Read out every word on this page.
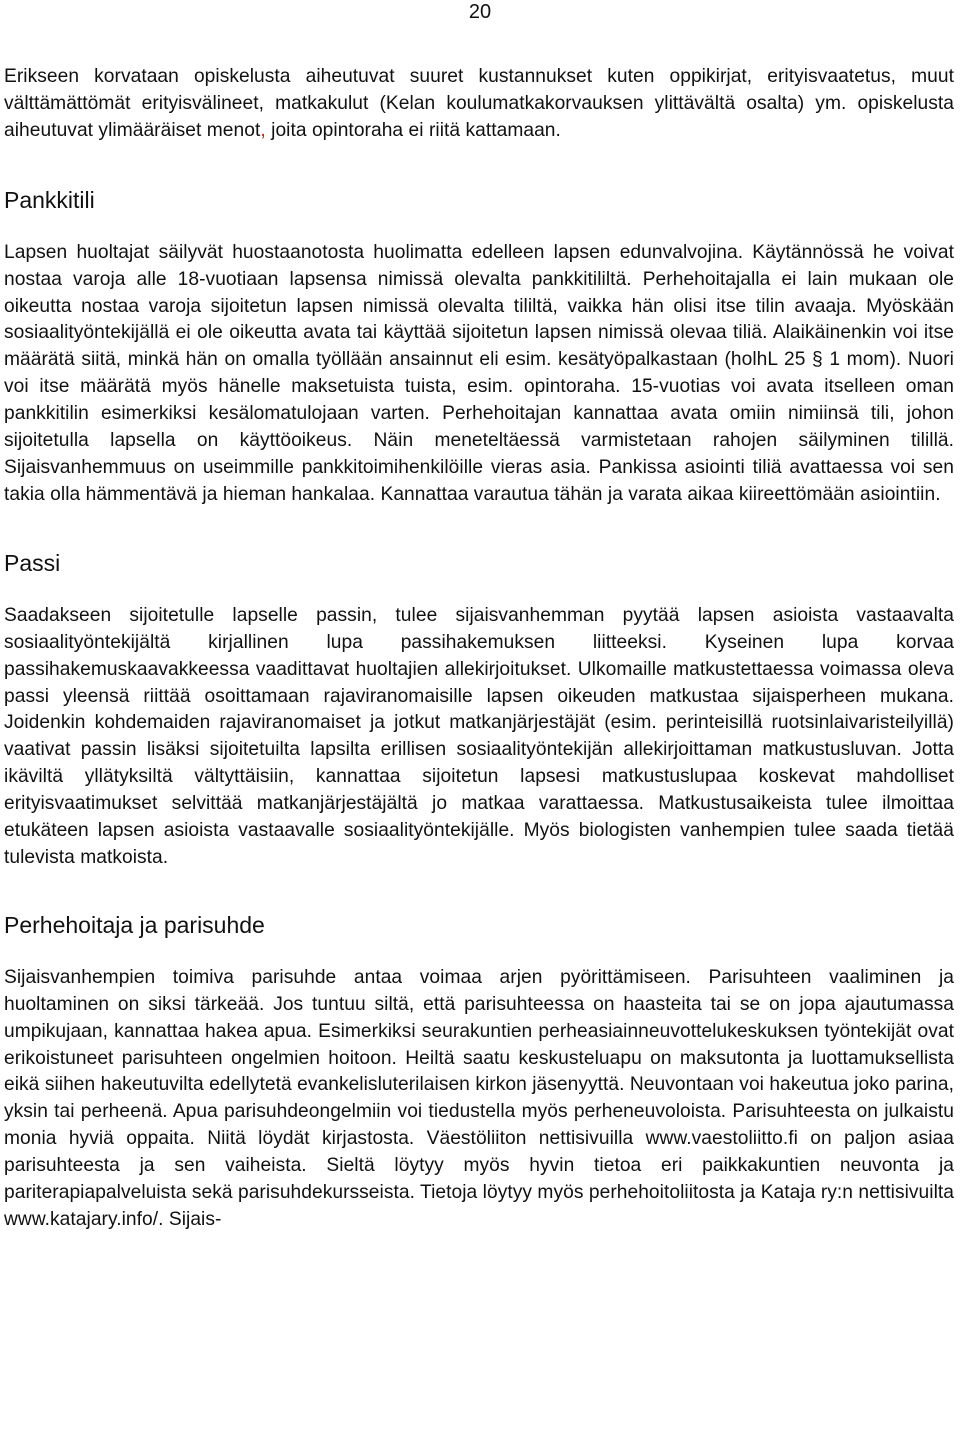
20

Erikseen korvataan opiskelusta aiheutuvat suuret kustannukset kuten oppikirjat, erityisvaatetus, muut välttämättömät erityisvälineet, matkakulut (Kelan koulumatkakorvauksen ylittävältä osalta) ym. opiskelusta aiheutuvat ylimääräiset menot, joita opintoraha ei riitä kattamaan.

Pankkitili

Lapsen huoltajat säilyvät huostaanotosta huolimatta edelleen lapsen edunvalvojina. Käytännössä he voivat nostaa varoja alle 18-vuotiaan lapsensa nimissä olevalta pankkitililtä. Perhehoitajalla ei lain mukaan ole oikeutta nostaa varoja sijoitetun lapsen nimissä olevalta tililtä, vaikka hän olisi itse tilin avaaja. Myöskään sosiaalityöntekijällä ei ole oikeutta avata tai käyttää sijoitetun lapsen nimissä olevaa tiliä. Alaikäinenkin voi itse määrätä siitä, minkä hän on omalla työllään ansainnut eli esim. kesätyöpalkastaan (holhL 25 § 1 mom). Nuori voi itse määrätä myös hänelle maksetuista tuista, esim. opintoraha. 15-vuotias voi avata itselleen oman pankkitilin esimerkiksi kesälomatulojaan varten. Perhehoitajan kannattaa avata omiin nimiinsä tili, johon sijoitetulla lapsella on käyttöoikeus. Näin meneteltäessä varmistetaan rahojen säilyminen tilillä. Sijaisvanhemmuus on useimmille pankkitoimihenkilöille vieras asia. Pankissa asiointi tiliä avattaessa voi sen takia olla hämmentävä ja hieman hankalaa. Kannattaa varautua tähän ja varata aikaa kiireettömään asiointiin.

Passi

Saadakseen sijoitetulle lapselle passin, tulee sijaisvanhemman pyytää lapsen asioista vastaavalta sosiaalityöntekijältä kirjallinen lupa passihakemuksen liitteeksi. Kyseinen lupa korvaa passihakemuskaavakkeessa vaadittavat huoltajien allekirjoitukset. Ulkomaille matkustettaessa voimassa oleva passi yleensä riittää osoittamaan rajaviranomaisille lapsen oikeuden matkustaa sijaisperheen mukana. Joidenkin kohdemaiden rajaviranomaiset ja jotkut matkanjärjestäjät (esim. perinteisillä ruotsinlaivaristeilyillä) vaativat passin lisäksi sijoitetuilta lapsilta erillisen sosiaalityöntekijän allekirjoittaman matkustusluvan. Jotta ikäviltä yllätyksiltä vältyttäisiin, kannattaa sijoitetun lapsesi matkustuslupaa koskevat mahdolliset erityisvaatimukset selvittää matkanjärjestäjältä jo matkaa varattaessa. Matkustusaikeista tulee ilmoittaa etukäteen lapsen asioista vastaavalle sosiaalityöntekijälle. Myös biologisten vanhempien tulee saada tietää tulevista matkoista.

Perhehoitaja ja parisuhde

Sijaisvanhempien toimiva parisuhde antaa voimaa arjen pyörittämiseen. Parisuhteen vaaliminen ja huoltaminen on siksi tärkeää. Jos tuntuu siltä, että parisuhteessa on haasteita tai se on jopa ajautumassa umpikujaan, kannattaa hakea apua. Esimerkiksi seurakuntien perheasiainneuvottelukeskuksen työntekijät ovat erikoistuneet parisuhteen ongelmien hoitoon. Heiltä saatu keskusteluapu on maksutonta ja luottamuksellista eikä siihen hakeutuvilta edellytetä evankelisluterilaisen kirkon jäsenyyttä. Neuvontaan voi hakeutua joko parina, yksin tai perheenä. Apua parisuhdeongelmiin voi tiedustella myös perheneuvoloista. Parisuhteesta on julkaistu monia hyviä oppaita. Niitä löydät kirjastosta. Väestöliiton nettisivuilla www.vaestoliitto.fi on paljon asiaa parisuhteesta ja sen vaiheista. Sieltä löytyy myös hyvin tietoa eri paikkakuntien neuvonta ja pariterapiapalveluista sekä parisuhdekursseista. Tietoja löytyy myös perhehoitoliitosta ja Kataja ry:n nettisivuilta www.katajary.info/. Sijais-
